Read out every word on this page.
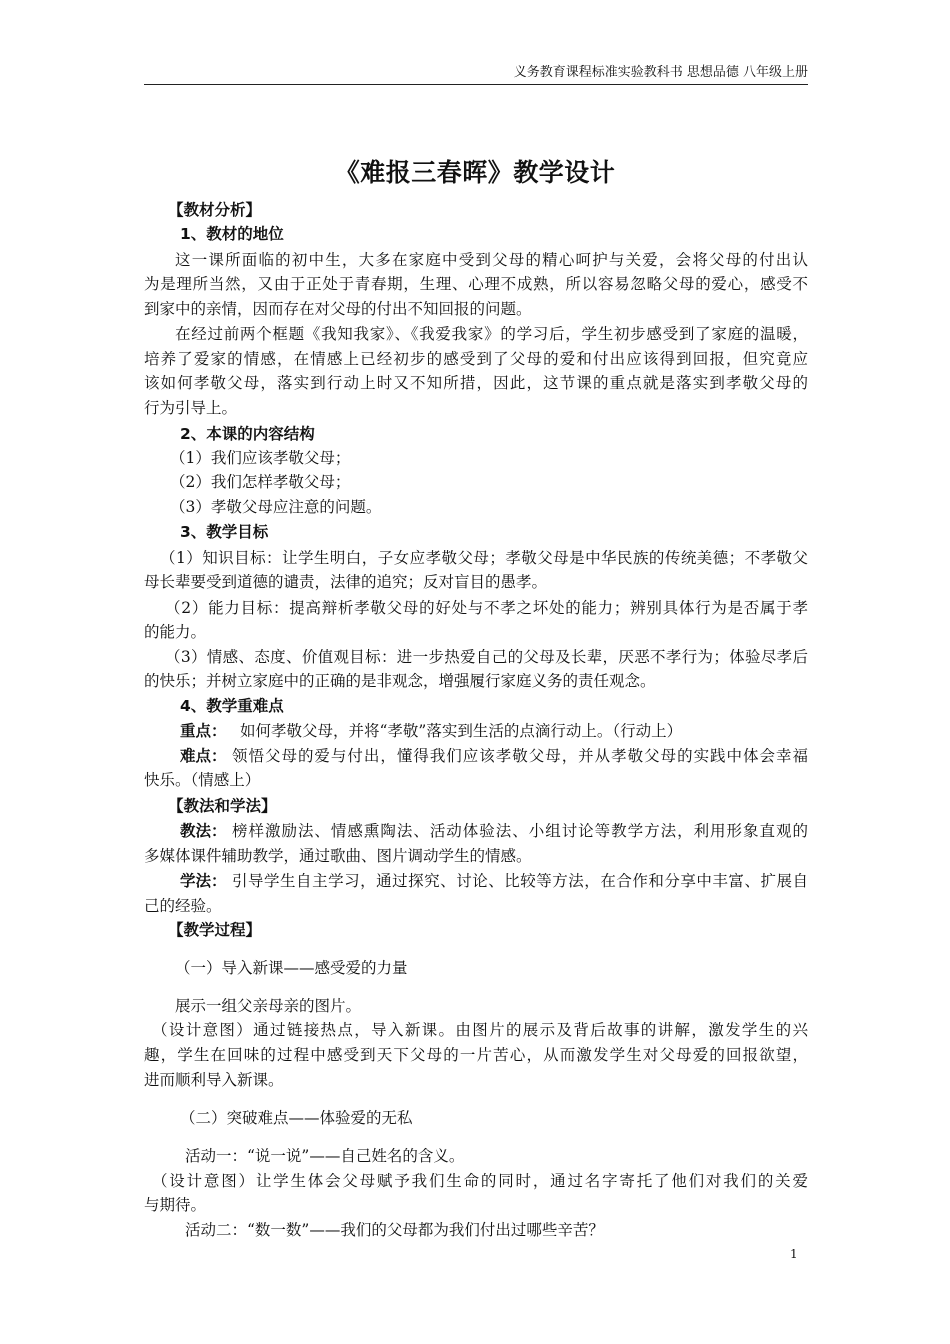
义务教育课程标准实验教科书 思想品德 八年级上册
《难报三春晖》教学设计
【教材分析】
1、教材的地位
这一课所面临的初中生，大多在家庭中受到父母的精心呵护与关爱，会将父母的付出认
为是理所当然，又由于正处于青春期，生理、心理不成熟，所以容易忽略父母的爱心，感受不
到家中的亲情，因而存在对父母的付出不知回报的问题。
在经过前两个框题《我知我家》、《我爱我家》的学习后，学生初步感受到了家庭的温暖，
培养了爱家的情感，在情感上已经初步的感受到了父母的爱和付出应该得到回报，但究竟应
该如何孝敬父母，落实到行动上时又不知所措，因此，这节课的重点就是落实到孝敬父母的
行为引导上。
2、本课的内容结构
（1）我们应该孝敬父母；
（2）我们怎样孝敬父母；
（3）孝敬父母应注意的问题。
3、教学目标
（1）知识目标：让学生明白，子女应孝敬父母；孝敬父母是中华民族的传统美德；不孝敬父
母长辈要受到道德的谴责，法律的追究；反对盲目的愚孝。
（2）能力目标：提高辩析孝敬父母的好处与不孝之坏处的能力；辨别具体行为是否属于孝
的能力。
（3）情感、态度、价值观目标：进一步热爱自己的父母及长辈，厌恶不孝行为；体验尽孝后
的快乐；并树立家庭中的正确的是非观念，增强履行家庭义务的责任观念。
4、教学重难点
重点： 如何孝敬父母，并将“孝敬”落实到生活的点滴行动上。（行动上）
难点： 领悟父母的爱与付出，懂得我们应该孝敬父母，并从孝敬父母的实践中体会幸福
快乐。（情感上）
【教法和学法】
教法： 榜样激励法、情感熏陶法、活动体验法、小组讨论等教学方法，利用形象直观的
多媒体课件辅助教学，通过歌曲、图片调动学生的情感。
学法： 引导学生自主学习，通过探究、讨论、比较等方法，在合作和分享中丰富、扩展自
己的经验。
【教学过程】
（一）导入新课——感受爱的力量
展示一组父亲母亲的图片。
（设计意图）通过链接热点，导入新课。由图片的展示及背后故事的讲解，激发学生的兴
趣，学生在回味的过程中感受到天下父母的一片苦心，从而激发学生对父母爱的回报欲望，
进而顺利导入新课。
（二）突破难点——体验爱的无私
活动一：“说一说”——自己姓名的含义。
（设计意图）让学生体会父母赋予我们生命的同时，通过名字寄托了他们对我们的关爱
与期待。
活动二：“数一数”——我们的父母都为我们付出过哪些辛苦？
1
